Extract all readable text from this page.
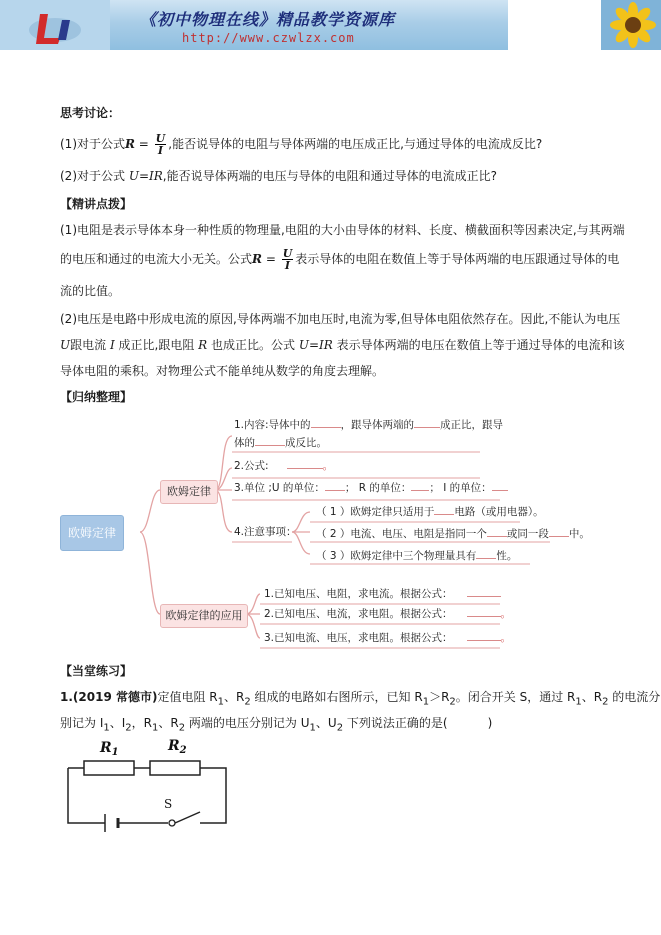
《初中物理在线》精品教学资源库
http://www.czwlzx.com
思考讨论：
(1)对于公式$R = \frac{U}{I}$ ,能否说导体的电阻与导体两端的电压成正比,与通过导体的电流成反比?
(2)对于公式 U=IR,能否说导体两端的电压与导体的电阻和通过导体的电流成正比?
【精讲点拨】
(1)电阻是表示导体本身一种性质的物理量,电阻的大小由导体的材料、长度、横截面积等因素决定,与其两端
的电压和通过的电流大小无关。公式$R = \frac{U}{I}$ 表示导体的电阻在数值上等于导体两端的电压跟通过导体的电
流的比值。
(2)电压是电路中形成电流的原因,导体两端不加电压时,电流为零,但导体电阻依然存在。因此,不能认为电压
U跟电流 I 成正比,跟电阻 R 也成正比。公式 U=IR 表示导体两端的电压在数值上等于通过导体的电流和该
导体电阻的乘积。对物理公式不能单纯从数学的角度去理解。
【归纳整理】
欧姆定律
欧姆定律
欧姆定律的应用
1.内容:导体中的	，跟导体两端的 成正比，跟导
体的	成反比。
2.公式:	。
3.单位 ;U 的单位： ； R 的单位： ； I 的单位：
4.注意事项：
（ 1 ）欧姆定律只适用于 电路（或用电器）。
（ 2 ）电流、电压、电阻是指同一个 或同一段 中。
（ 3 ）欧姆定律中三个物理量具有 性。
1.已知电压、电阻，求电流。根据公式：
2.已知电压、电流，求电阻。根据公式：	。
3.已知电流、电压，求电阻。根据公式：	。
【当堂练习】
1.(2019 常德市)定值电阻 $R_1$、$R_2$ 组成的电路如右图所示，已知 $R_1>R_2$。闭合开关 S，通过 $R_1$、$R_2$ 的电流分
别记为 $I_1$、$I_2$，$R_1$、$R_2$ 两端的电压分别记为 $U_1$、$U_2$ 下列说法正确的是(	)
$R_1$	$R_2$
S
